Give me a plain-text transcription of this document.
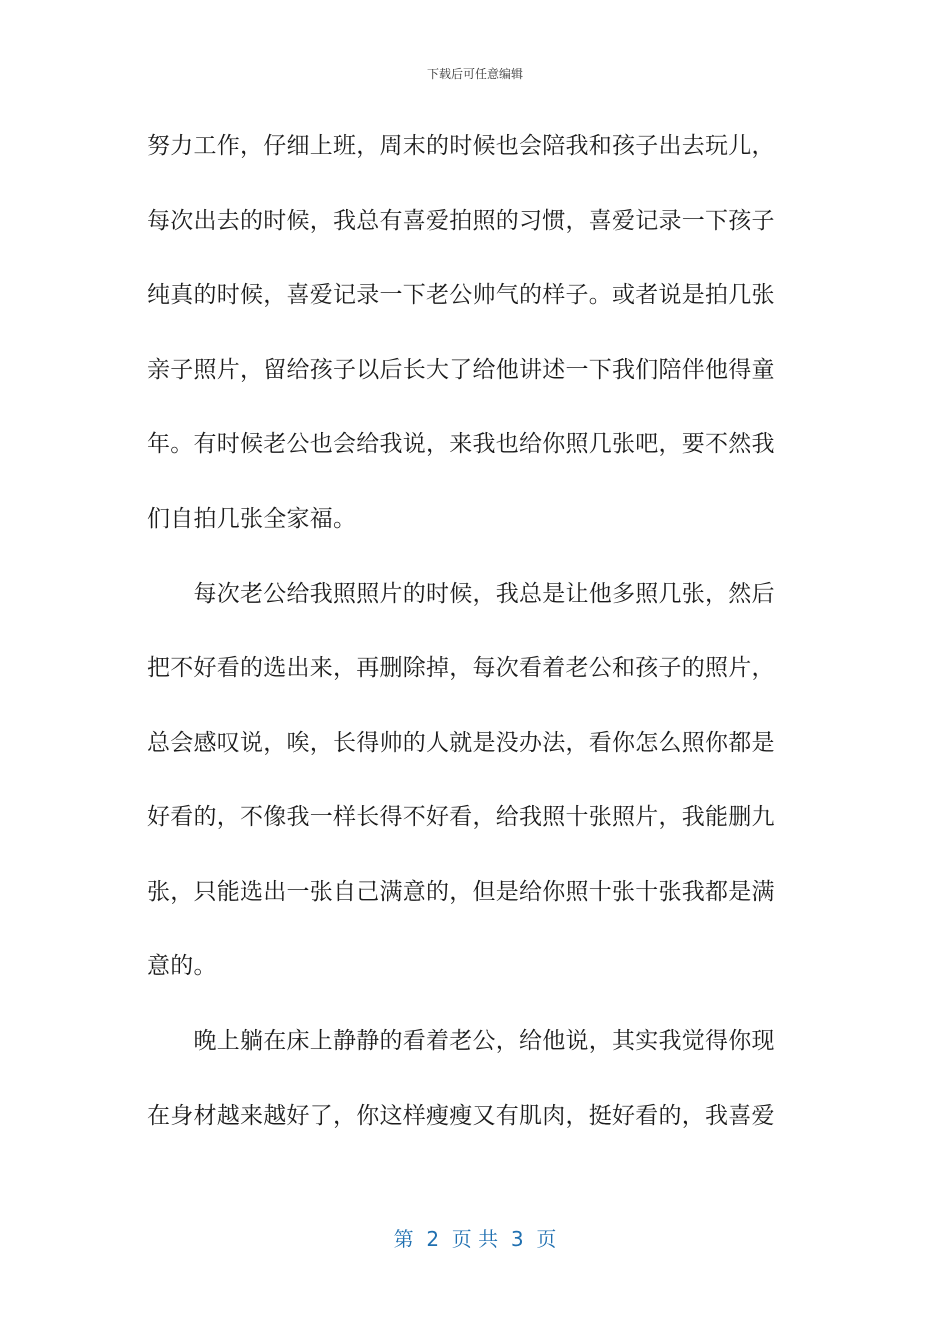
下载后可任意编辑
努力工作，仔细上班，周末的时候也会陪我和孩子出去玩儿，
每次出去的时候，我总有喜爱拍照的习惯，喜爱记录一下孩子
纯真的时候，喜爱记录一下老公帅气的样子。或者说是拍几张
亲子照片，留给孩子以后长大了给他讲述一下我们陪伴他得童
年。有时候老公也会给我说，来我也给你照几张吧，要不然我
们自拍几张全家福。
　　每次老公给我照照片的时候，我总是让他多照几张，然后
把不好看的选出来，再删除掉，每次看着老公和孩子的照片，
总会感叹说，唉，长得帅的人就是没办法，看你怎么照你都是
好看的，不像我一样长得不好看，给我照十张照片，我能删九
张，只能选出一张自己满意的，但是给你照十张十张我都是满
意的。
　　晚上躺在床上静静的看着老公，给他说，其实我觉得你现
在身材越来越好了，你这样瘦瘦又有肌肉，挺好看的，我喜爱
第  2  页 共  3  页
